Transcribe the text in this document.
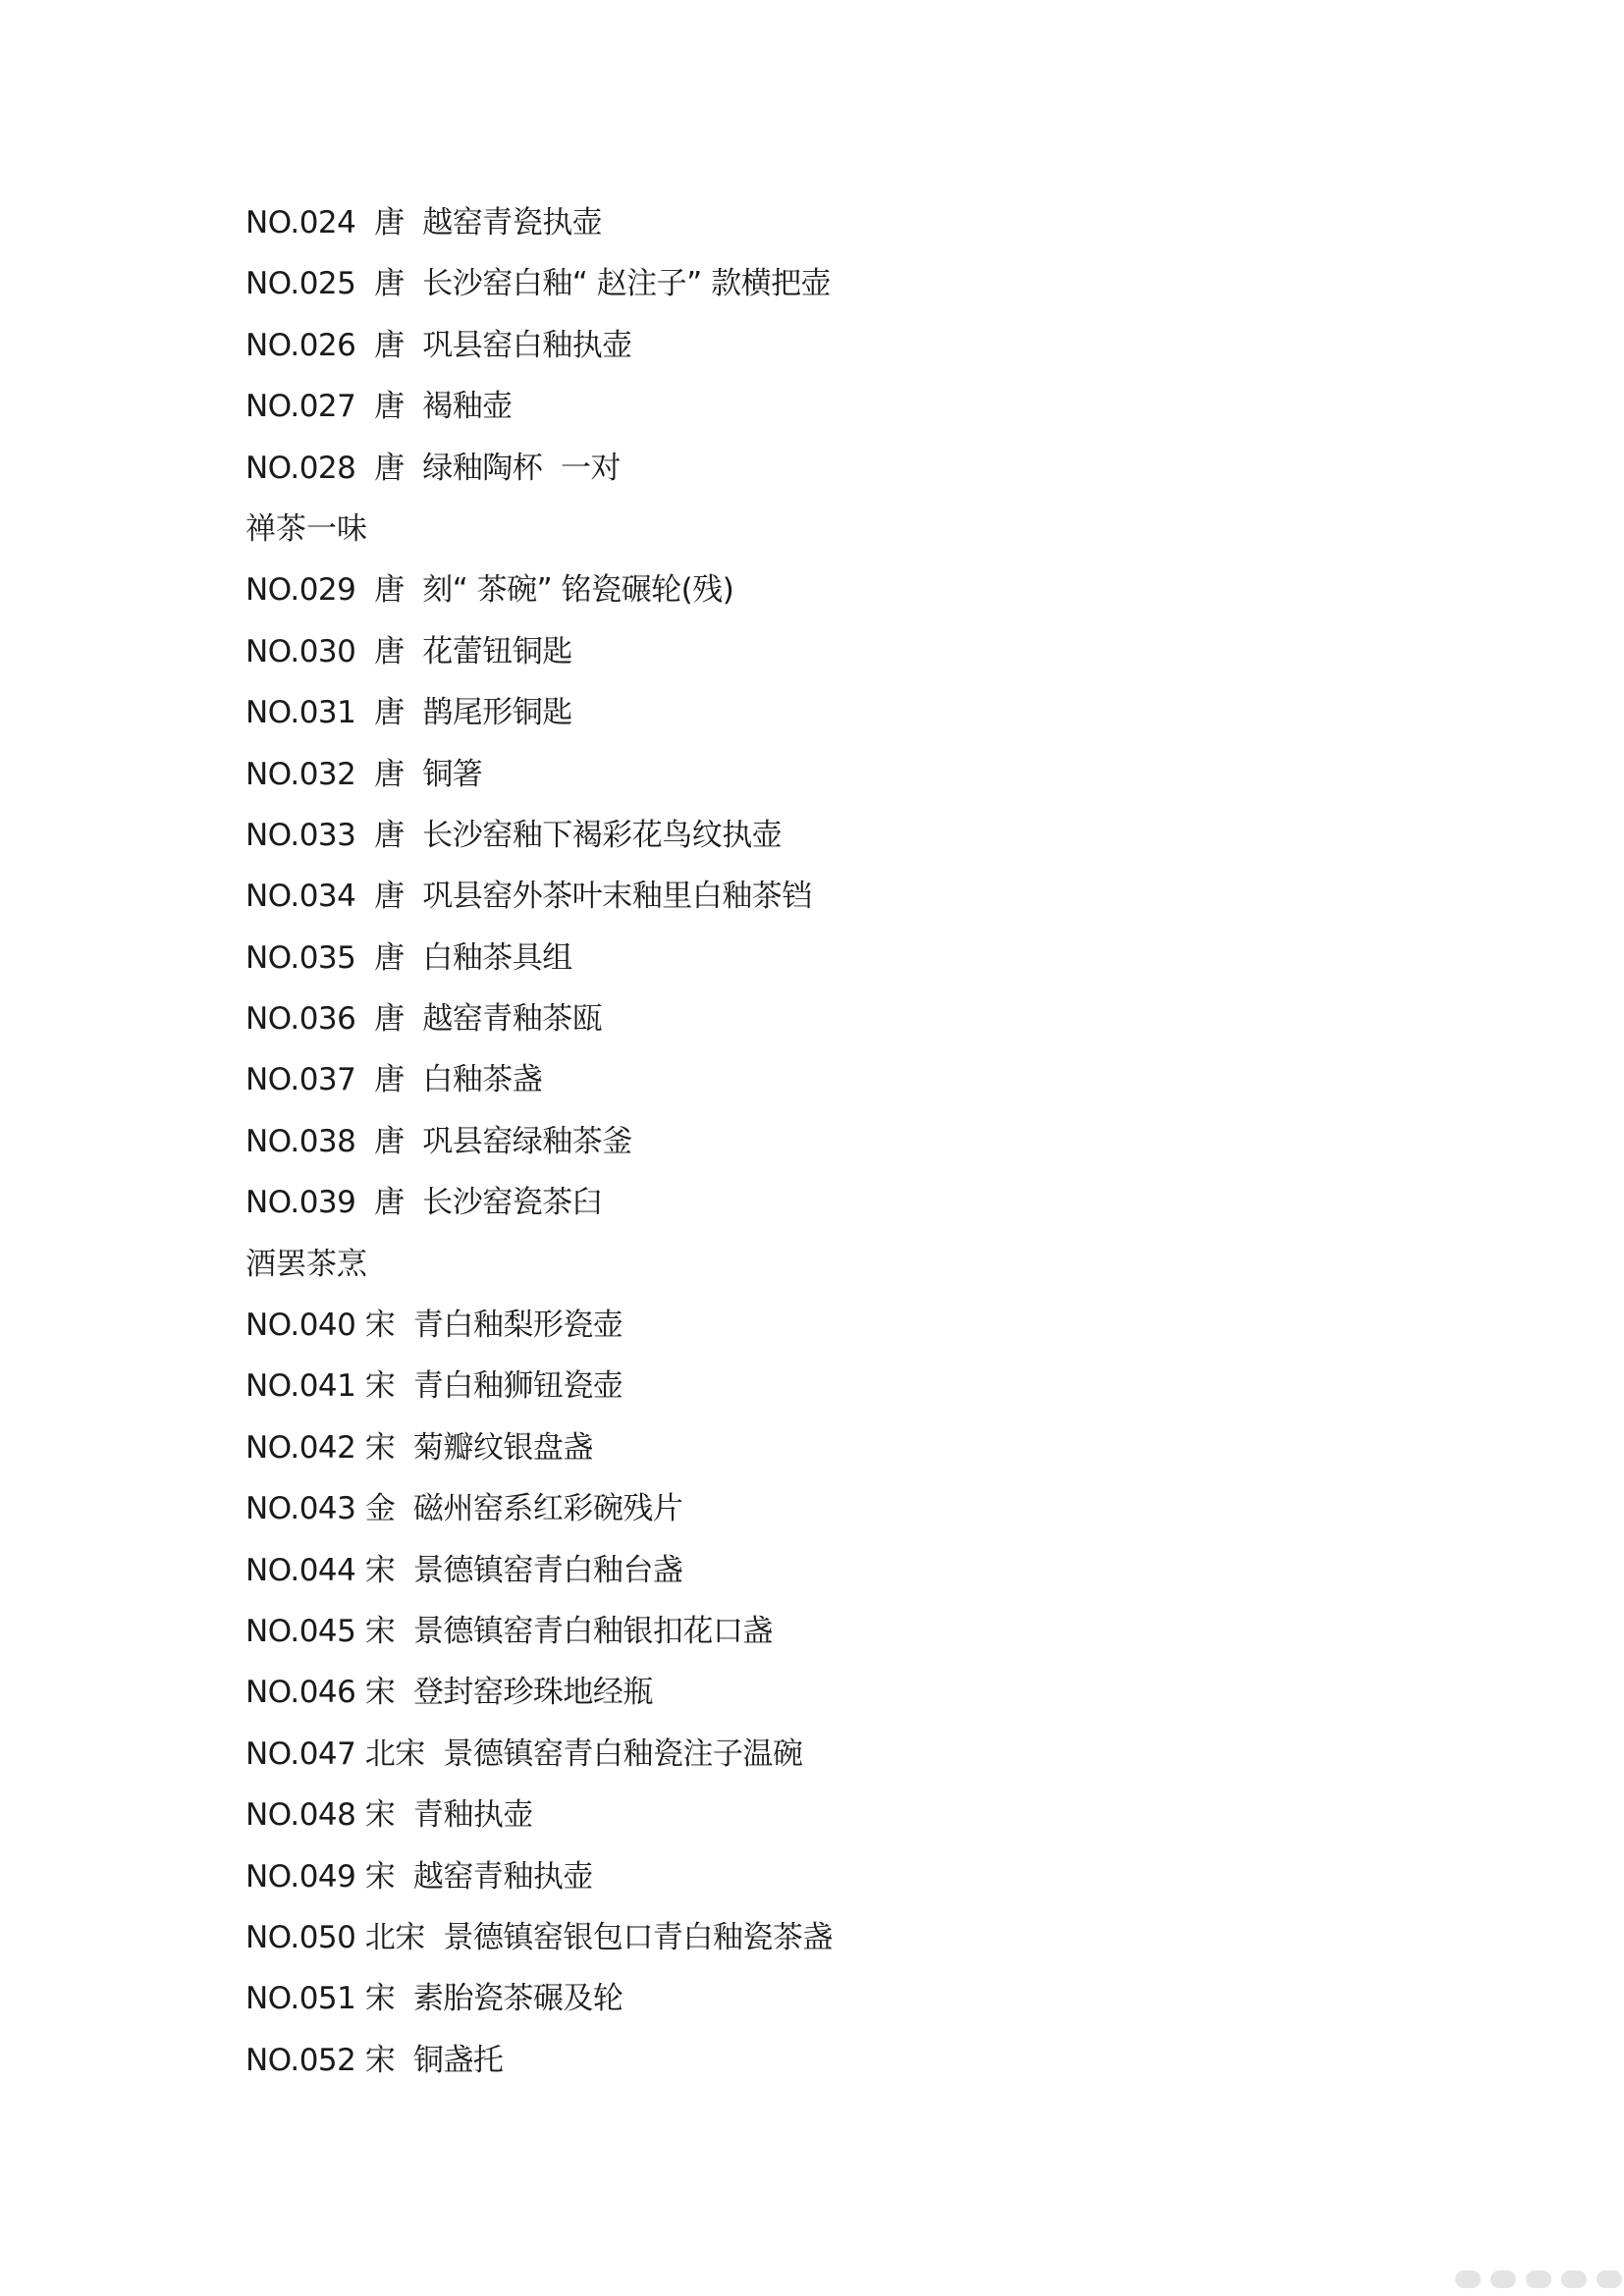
NO.024  唐  越窑青瓷执壶
NO.025  唐  长沙窑白釉“ 赵注子” 款横把壶
NO.026  唐  巩县窑白釉执壶
NO.027  唐  褐釉壶
NO.028  唐  绿釉陶杯  一对
禅茶一味
NO.029  唐  刻“ 茶碗” 铭瓷碾轮(残)
NO.030  唐  花蕾钮铜匙
NO.031  唐  鹊尾形铜匙
NO.032  唐  铜箸
NO.033  唐  长沙窑釉下褐彩花鸟纹执壶
NO.034  唐  巩县窑外茶叶末釉里白釉茶铛
NO.035  唐  白釉茶具组
NO.036  唐  越窑青釉茶瓯
NO.037  唐  白釉茶盏
NO.038  唐  巩县窑绿釉茶釜
NO.039  唐  长沙窑瓷茶臼
酒罢茶烹
NO.040 宋  青白釉梨形瓷壶
NO.041 宋  青白釉狮钮瓷壶
NO.042 宋  菊瓣纹银盘盏
NO.043 金  磁州窑系红彩碗残片
NO.044 宋  景德镇窑青白釉台盏
NO.045 宋  景德镇窑青白釉银扣花口盏
NO.046 宋  登封窑珍珠地经瓶
NO.047 北宋  景德镇窑青白釉瓷注子温碗
NO.048 宋  青釉执壶
NO.049 宋  越窑青釉执壶
NO.050 北宋  景德镇窑银包口青白釉瓷茶盏
NO.051 宋  素胎瓷茶碾及轮
NO.052 宋  铜盏托
